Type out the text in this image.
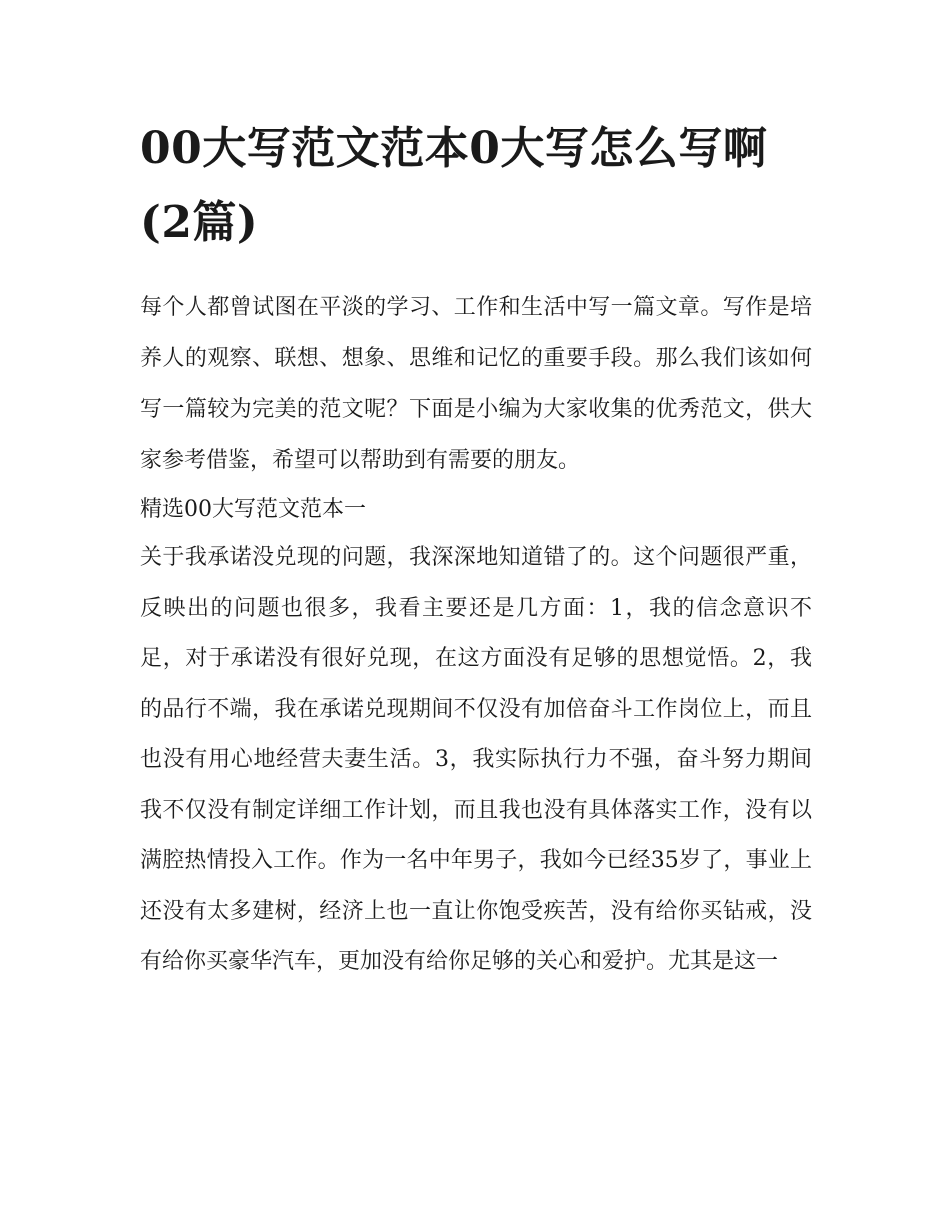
00大写范文范本0大写怎么写啊(2篇)

每个人都曾试图在平淡的学习、工作和生活中写一篇文章。写作是培养人的观察、联想、想象、思维和记忆的重要手段。那么我们该如何写一篇较为完美的范文呢？下面是小编为大家收集的优秀范文，供大家参考借鉴，希望可以帮助到有需要的朋友。

精选00大写范文范本一

关于我承诺没兑现的问题，我深深地知道错了的。这个问题很严重，反映出的问题也很多，我看主要还是几方面：1，我的信念意识不足，对于承诺没有很好兑现，在这方面没有足够的思想觉悟。2，我的品行不端，我在承诺兑现期间不仅没有加倍奋斗工作岗位上，而且也没有用心地经营夫妻生活。3，我实际执行力不强，奋斗努力期间我不仅没有制定详细工作计划，而且我也没有具体落实工作，没有以满腔热情投入工作。作为一名中年男子，我如今已经35岁了，事业上还没有太多建树，经济上也一直让你饱受疾苦，没有给你买钻戒，没有给你买豪华汽车，更加没有给你足够的关心和爱护。尤其是这一
